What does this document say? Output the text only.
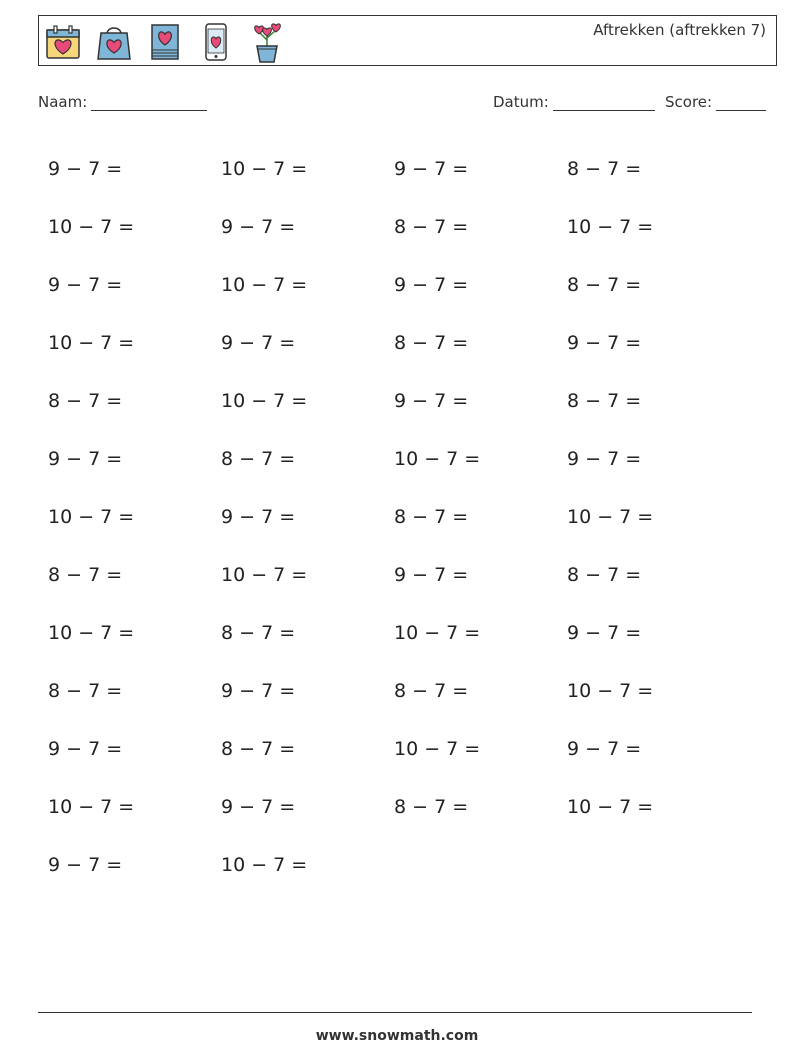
Aftrekken (aftrekken 7)
Naam:	Datum:	Score:
9 − 7 =	10 − 7 =	9 − 7 =	8 − 7 =
10 − 7 =	9 − 7 =	8 − 7 =	10 − 7 =
9 − 7 =	10 − 7 =	9 − 7 =	8 − 7 =
10 − 7 =	9 − 7 =	8 − 7 =	9 − 7 =
8 − 7 =	10 − 7 =	9 − 7 =	8 − 7 =
9 − 7 =	8 − 7 =	10 − 7 =	9 − 7 =
10 − 7 =	9 − 7 =	8 − 7 =	10 − 7 =
8 − 7 =	10 − 7 =	9 − 7 =	8 − 7 =
10 − 7 =	8 − 7 =	10 − 7 =	9 − 7 =
8 − 7 =	9 − 7 =	8 − 7 =	10 − 7 =
9 − 7 =	8 − 7 =	10 − 7 =	9 − 7 =
10 − 7 =	9 − 7 =	8 − 7 =	10 − 7 =
9 − 7 =	10 − 7 =
www.snowmath.com
